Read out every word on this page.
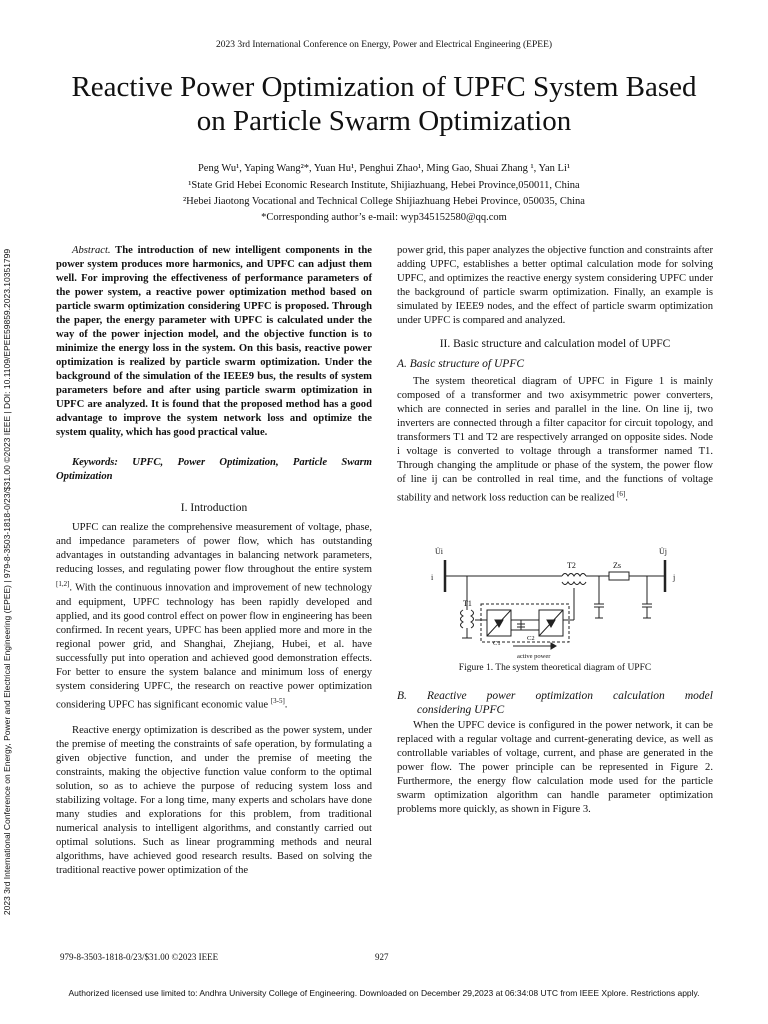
2023 3rd International Conference on Energy, Power and Electrical Engineering (EPEE)
Reactive Power Optimization of UPFC System Based
on Particle Swarm Optimization
Peng Wu¹, Yaping Wang²*, Yuan Hu¹, Penghui Zhao¹, Ming Gao, Shuai Zhang ¹, Yan Li¹
¹State Grid Hebei Economic Research Institute, Shijiazhuang, Hebei Province,050011, China
²Hebei Jiaotong Vocational and Technical College Shijiazhuang Hebei Province, 050035, China
*Corresponding author’s e-mail: wyp345152580@qq.com
2023 3rd International Conference on Energy, Power and Electrical Engineering (EPEE) | 979-8-3503-1818-0/23/$31.00 ©2023 IEEE | DOI: 10.1109/EPEE59859.2023.10351799	Abstract. The introduction of new intelligent components in the power system produces more harmonics, and UPFC can adjust them well. For improving the effectiveness of performance parameters of the power system, a reactive power optimization method based on particle swarm optimization considering UPFC is proposed. Through the paper, the energy parameter with UPFC is calculated under the way of the power injection model, and the objective function is to minimize the energy loss in the system. On this basis, reactive power optimization is realized by particle swarm optimization. Under the background of the simulation of the IEEE9 bus, the results of system parameters before and after using particle swarm optimization in UPFC are analyzed. It is found that the proposed method has a good advantage to improve the system network loss and optimize the system quality, which has good practical value.

Keywords: UPFC, Power Optimization, Particle Swarm Optimization

I. Introduction

UPFC can realize the comprehensive measurement of voltage, phase, and impedance parameters of power flow, which has outstanding advantages in outstanding advantages in balancing network parameters, reducing losses, and regulating power flow throughout the entire system [1,2]. With the continuous innovation and improvement of new technology and equipment, UPFC technology has been rapidly developed and applied, and its good control effect on power flow in engineering has been confirmed. In recent years, UPFC has been applied more and more in the regional power grid, and Shanghai, Zhejiang, Hubei, et al. have successfully put into operation and achieved good demonstration effects. For better to ensure the system balance and minimum loss of energy system considering UPFC, the research on reactive power optimization considering UPFC has significant economic value [3-5].

Reactive energy optimization is described as the power system, under the premise of meeting the constraints of safe operation, by formulating a given objective function, and under the premise of meeting the constraints, making the objective function value conform to the optimal solution, so as to achieve the purpose of reducing system loss and stabilizing voltage. For a long time, many experts and scholars have done many studies and explorations for this problem, from traditional numerical analysis to intelligent algorithms, and constantly carried out optimal solutions. Such as linear programming methods and neural algorithms, have achieved good research results. Based on solving the traditional reactive power optimization of the

power grid, this paper analyzes the objective function and constraints after adding UPFC, establishes a better optimal calculation mode for solving UPFC, and optimizes the reactive energy system considering UPFC under the background of particle swarm optimization. Finally, an example is simulated by IEEE9 nodes, and the effect of particle swarm optimization under UPFC is compared and analyzed.

II. Basic structure and calculation model of UPFC

A. Basic structure of UPFC

The system theoretical diagram of UPFC in Figure 1 is mainly composed of a transformer and two axisymmetric power converters, which are connected in series and parallel in the line. On line ij, two inverters are connected through a filter capacitor for circuit topology, and transformers T1 and T2 are respectively arranged on opposite sides. Node i voltage is converted to voltage through a transformer named T1. Through changing the amplitude or phase of the system, the power flow of line ij can be controlled in real time, and the functions of voltage stability and network loss reduction can be realized [6].

U̇i	U̇j
i	j
T2	Zs
T1
C1
C2
active power
Figure 1. The system theoretical diagram of UPFC

B. Reactive power optimization calculation model

considering UPFC

When the UPFC device is configured in the power network, it can be replaced with a regular voltage and current-generating device, as well as controllable variables of voltage, current, and phase are generated in the power flow. The power principle can be represented in Figure 2. Furthermore, the energy flow calculation mode used for the particle swarm optimization algorithm can handle parameter optimization problems more quickly, as shown in Figure 3.

979-8-3503-1818-0/23/$31.00 ©2023 IEEE	927
Authorized licensed use limited to: Andhra University College of Engineering. Downloaded on December 29,2023 at 06:34:08 UTC from IEEE Xplore. Restrictions apply.
